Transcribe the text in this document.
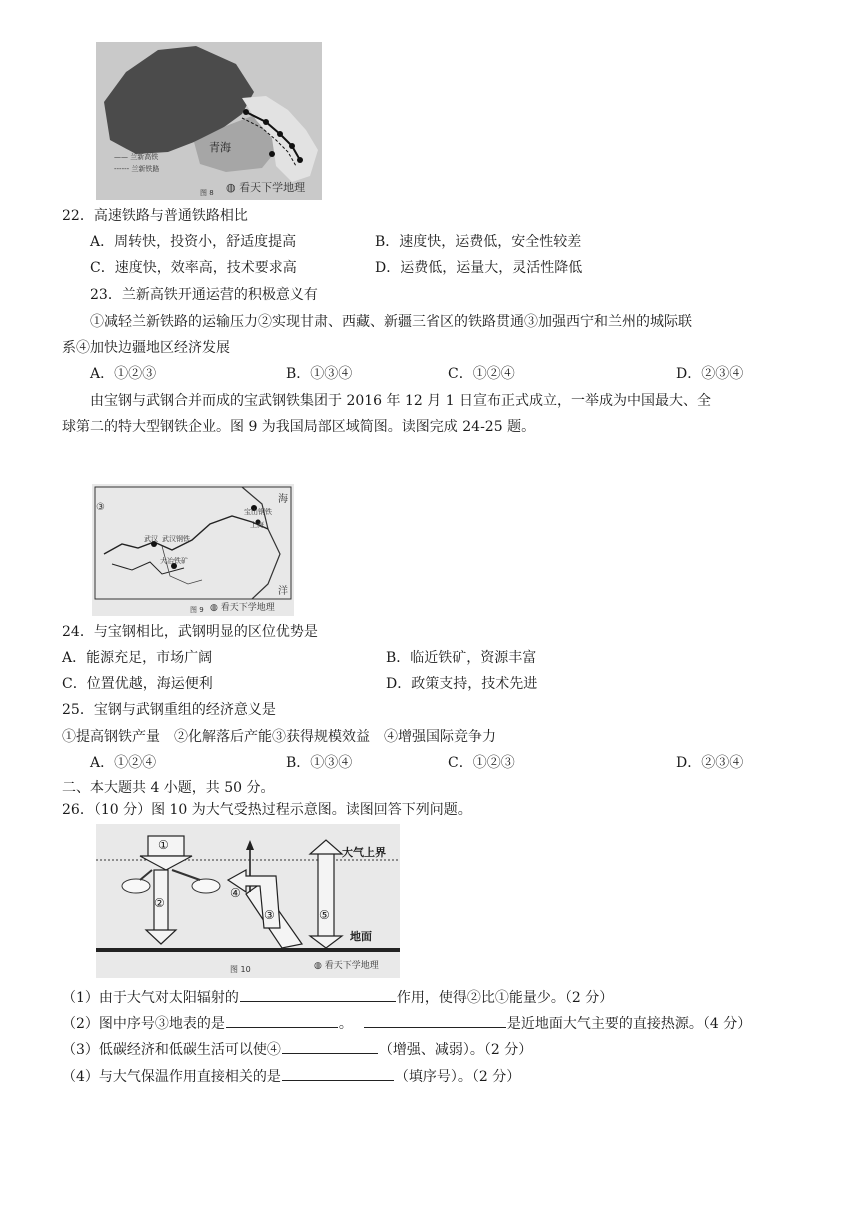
青海
—— 兰新高铁
------ 兰新铁路
图 8 ◍ 看天下学地理
22．高速铁路与普通铁路相比
A．周转快，投资小，舒适度提高	B．速度快，运费低，安全性较差
C．速度快，效率高，技术要求高	D．运费低，运量大，灵活性降低
23．兰新高铁开通运营的积极意义有
①减轻兰新铁路的运输压力②实现甘肃、西藏、新疆三省区的铁路贯通③加强西宁和兰州的城际联
系④加快边疆地区经济发展
A．①②③	B．①③④	C．①②④	D．②③④
由宝钢与武钢合并而成的宝武钢铁集团于 2016 年 12 月 1 日宣布正式成立，一举成为中国最大、全
球第二的特大型钢铁企业。图 9 为我国局部区域简图。读图完成 24-25 题。
③
海
洋
宝山钢铁
上海
武汉 武汉钢铁
大冶铁矿
图 9 ◍ 看天下学地理
24．与宝钢相比，武钢明显的区位优势是
A．能源充足，市场广阔	B．临近铁矿，资源丰富
C．位置优越，海运便利	D．政策支持，技术先进
25．宝钢与武钢重组的经济意义是
①提高钢铁产量　②化解落后产能③获得规模效益　④增强国际竞争力
A．①②④	B．①③④	C．①②③	D．②③④
二、本大题共 4 小题，共 50 分。
26．（10 分）图 10 为大气受热过程示意图。读图回答下列问题。
①
②
③
④
⑤
大气上界
地面
图 10	◍ 看天下学地理
（1）由于大气对太阳辐射的	作用，使得②比①能量少。（2 分）
（2）图中序号③地表的是	。	是近地面大气主要的直接热源。（4 分）
（3）低碳经济和低碳生活可以使④	（增强、减弱）。（2 分）
（4）与大气保温作用直接相关的是	（填序号）。（2 分）
